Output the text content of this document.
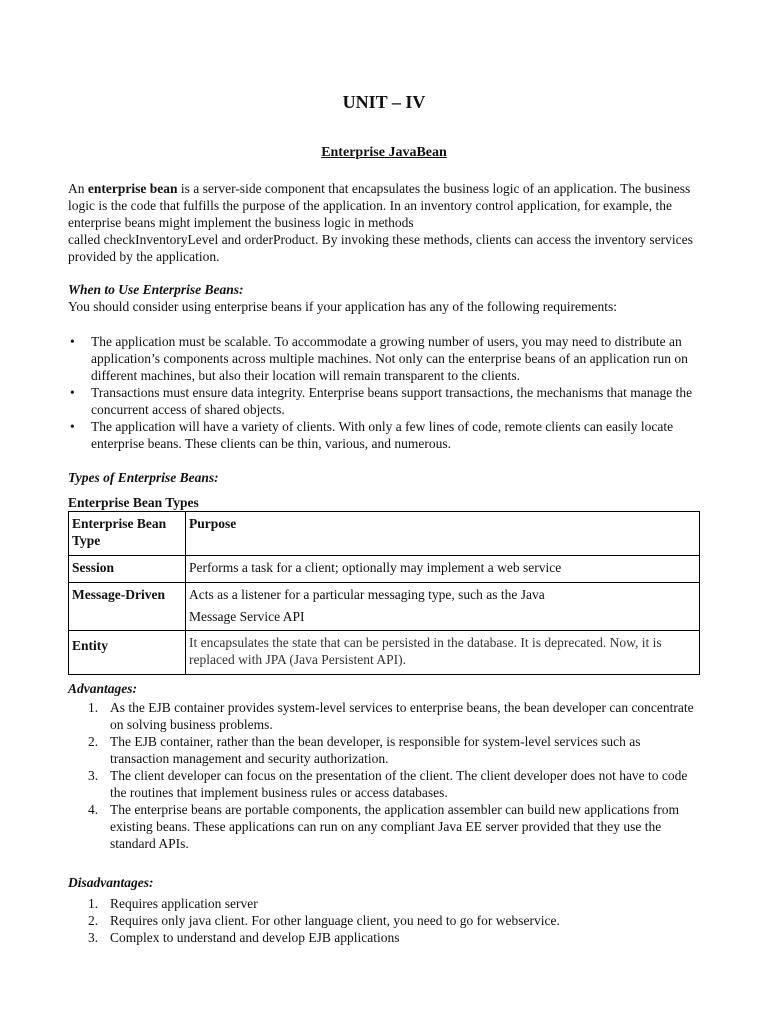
UNIT – IV
Enterprise JavaBean
An enterprise bean is a server-side component that encapsulates the business logic of an application. The business logic is the code that fulfills the purpose of the application. In an inventory control application, for example, the enterprise beans might implement the business logic in methods
called checkInventoryLevel and orderProduct. By invoking these methods, clients can access the inventory services provided by the application.
When to Use Enterprise Beans:
You should consider using enterprise beans if your application has any of the following requirements:
• The application must be scalable. To accommodate a growing number of users, you may need to distribute an application’s components across multiple machines. Not only can the enterprise beans of an application run on different machines, but also their location will remain transparent to the clients.
• Transactions must ensure data integrity. Enterprise beans support transactions, the mechanisms that manage the concurrent access of shared objects.
• The application will have a variety of clients. With only a few lines of code, remote clients can easily locate enterprise beans. These clients can be thin, various, and numerous.
Types of Enterprise Beans:
Enterprise Bean Types
Enterprise Bean Type	Purpose
Session	Performs a task for a client; optionally may implement a web service
Message-Driven	Acts as a listener for a particular messaging type, such as the Java
Message Service API

Entity	It encapsulates the state that can be persisted in the database. It is deprecated. Now, it is replaced with JPA (Java Persistent API).
Advantages:
1. As the EJB container provides system-level services to enterprise beans, the bean developer can concentrate on solving business problems.
2. The EJB container, rather than the bean developer, is responsible for system-level services such as transaction management and security authorization.
3. The client developer can focus on the presentation of the client. The client developer does not have to code the routines that implement business rules or access databases.
4. The enterprise beans are portable components, the application assembler can build new applications from existing beans. These applications can run on any compliant Java EE server provided that they use the standard APIs.
Disadvantages:
1. Requires application server
2. Requires only java client. For other language client, you need to go for webservice.
3. Complex to understand and develop EJB applications
